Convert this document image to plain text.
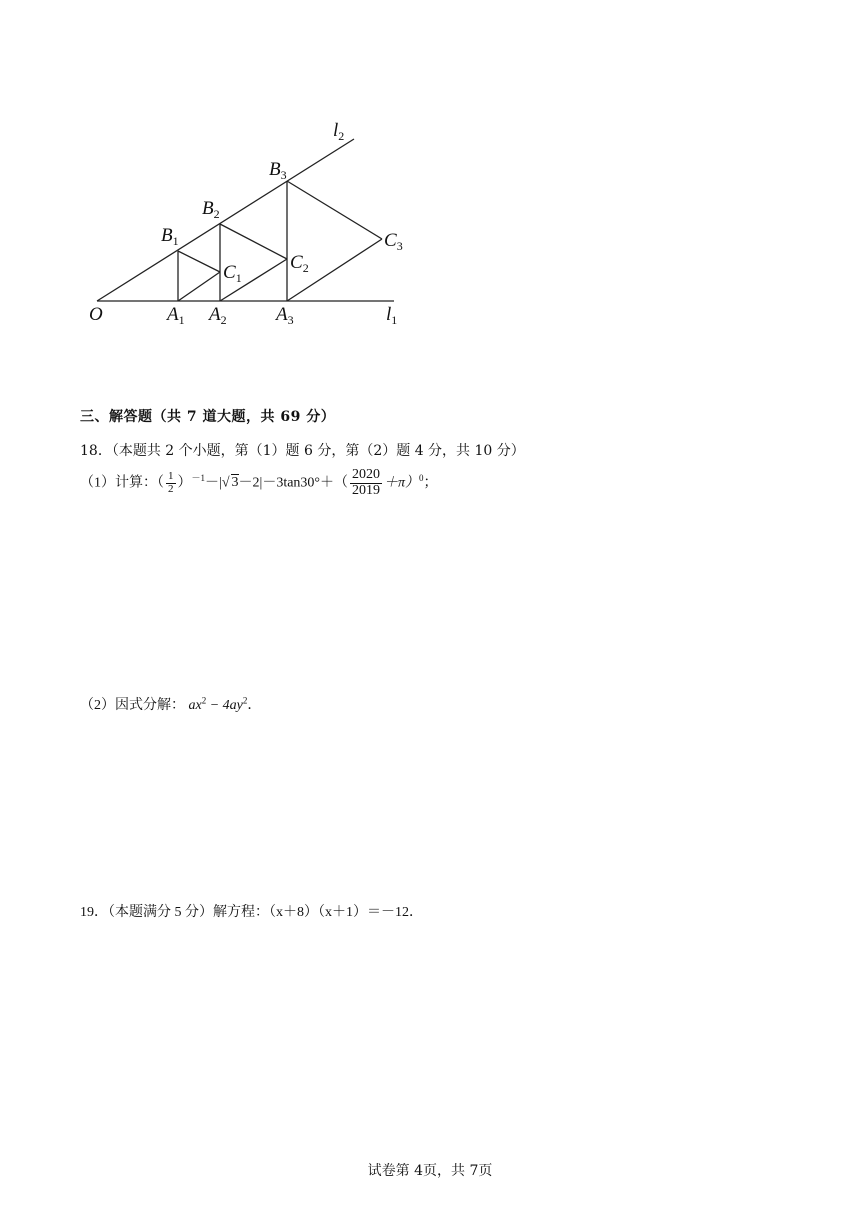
O	$A_1$ $A_2$	$A_3$	$l_1$
$B_1$
$B_2$
$B_3$
$C_1$
$C_2$
$C_3$
$l_2$
三、解答题（共 7 道大题，共 69 分）
18．（本题共 2 个小题，第（1）题 6 分，第（2）题 4 分，共 10 分）
（1）计算：（ $\frac{1}{2} )^{-1}-|√$ $3-2|-3\tan 30^\circ+( \frac{2020}{2019} +\pi)^0$；
（2）因式分解： $ax^2 - 4ay^2$．
19．（本题满分 5 分）解方程：（x＋8）（x＋1）＝－12．
试卷第 4页，共 7页
